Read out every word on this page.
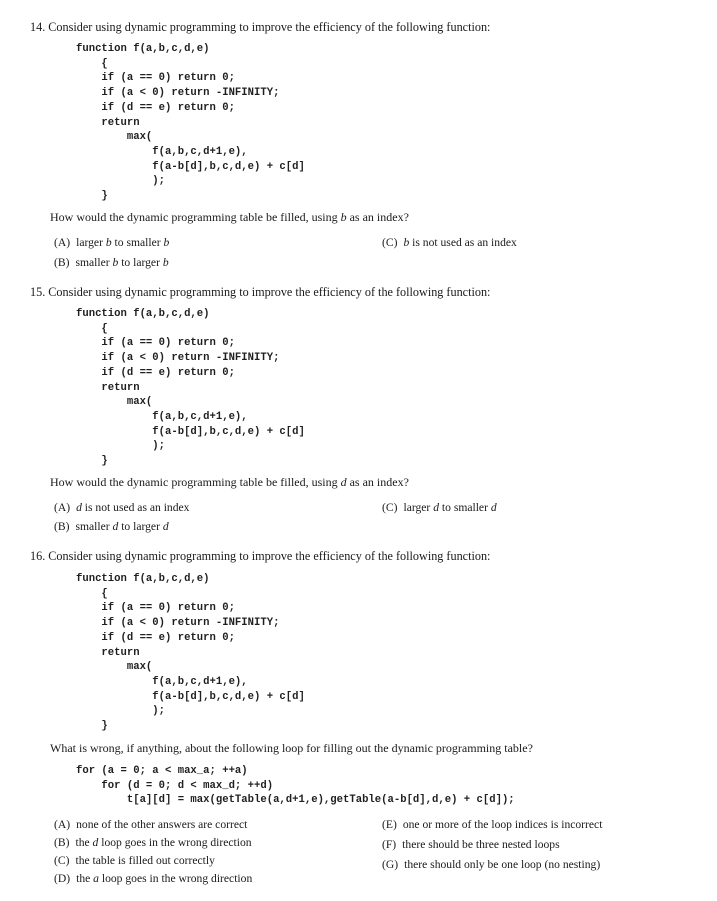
14. Consider using dynamic programming to improve the efficiency of the following function:
function f(a,b,c,d,e)
{
if (a == 0) return 0;
if (a < 0) return -INFINITY;
if (d == e) return 0;
return
max(
f(a,b,c,d+1,e),
f(a-b[d],b,c,d,e) + c[d]
);
}
How would the dynamic programming table be filled, using b as an index?
(A) larger b to smaller b
(B) smaller b to larger b
(C) b is not used as an index
15. Consider using dynamic programming to improve the efficiency of the following function:
function f(a,b,c,d,e)
{
if (a == 0) return 0;
if (a < 0) return -INFINITY;
if (d == e) return 0;
return
max(
f(a,b,c,d+1,e),
f(a-b[d],b,c,d,e) + c[d]
);
}
How would the dynamic programming table be filled, using d as an index?
(A) d is not used as an index
(B) smaller d to larger d
(C) larger d to smaller d
16. Consider using dynamic programming to improve the efficiency of the following function:
function f(a,b,c,d,e)
{
if (a == 0) return 0;
if (a < 0) return -INFINITY;
if (d == e) return 0;
return
max(
f(a,b,c,d+1,e),
f(a-b[d],b,c,d,e) + c[d]
);
}
What is wrong, if anything, about the following loop for filling out the dynamic programming table?
for (a = 0; a < max_a; ++a)
for (d = 0; d < max_d; ++d)
t[a][d] = max(getTable(a,d+1,e),getTable(a-b[d],d,e) + c[d]);
(A) none of the other answers are correct
(B) the d loop goes in the wrong direction
(C) the table is filled out correctly
(D) the a loop goes in the wrong direction
(E) one or more of the loop indices is incorrect
(F) there should be three nested loops
(G) there should only be one loop (no nesting)
